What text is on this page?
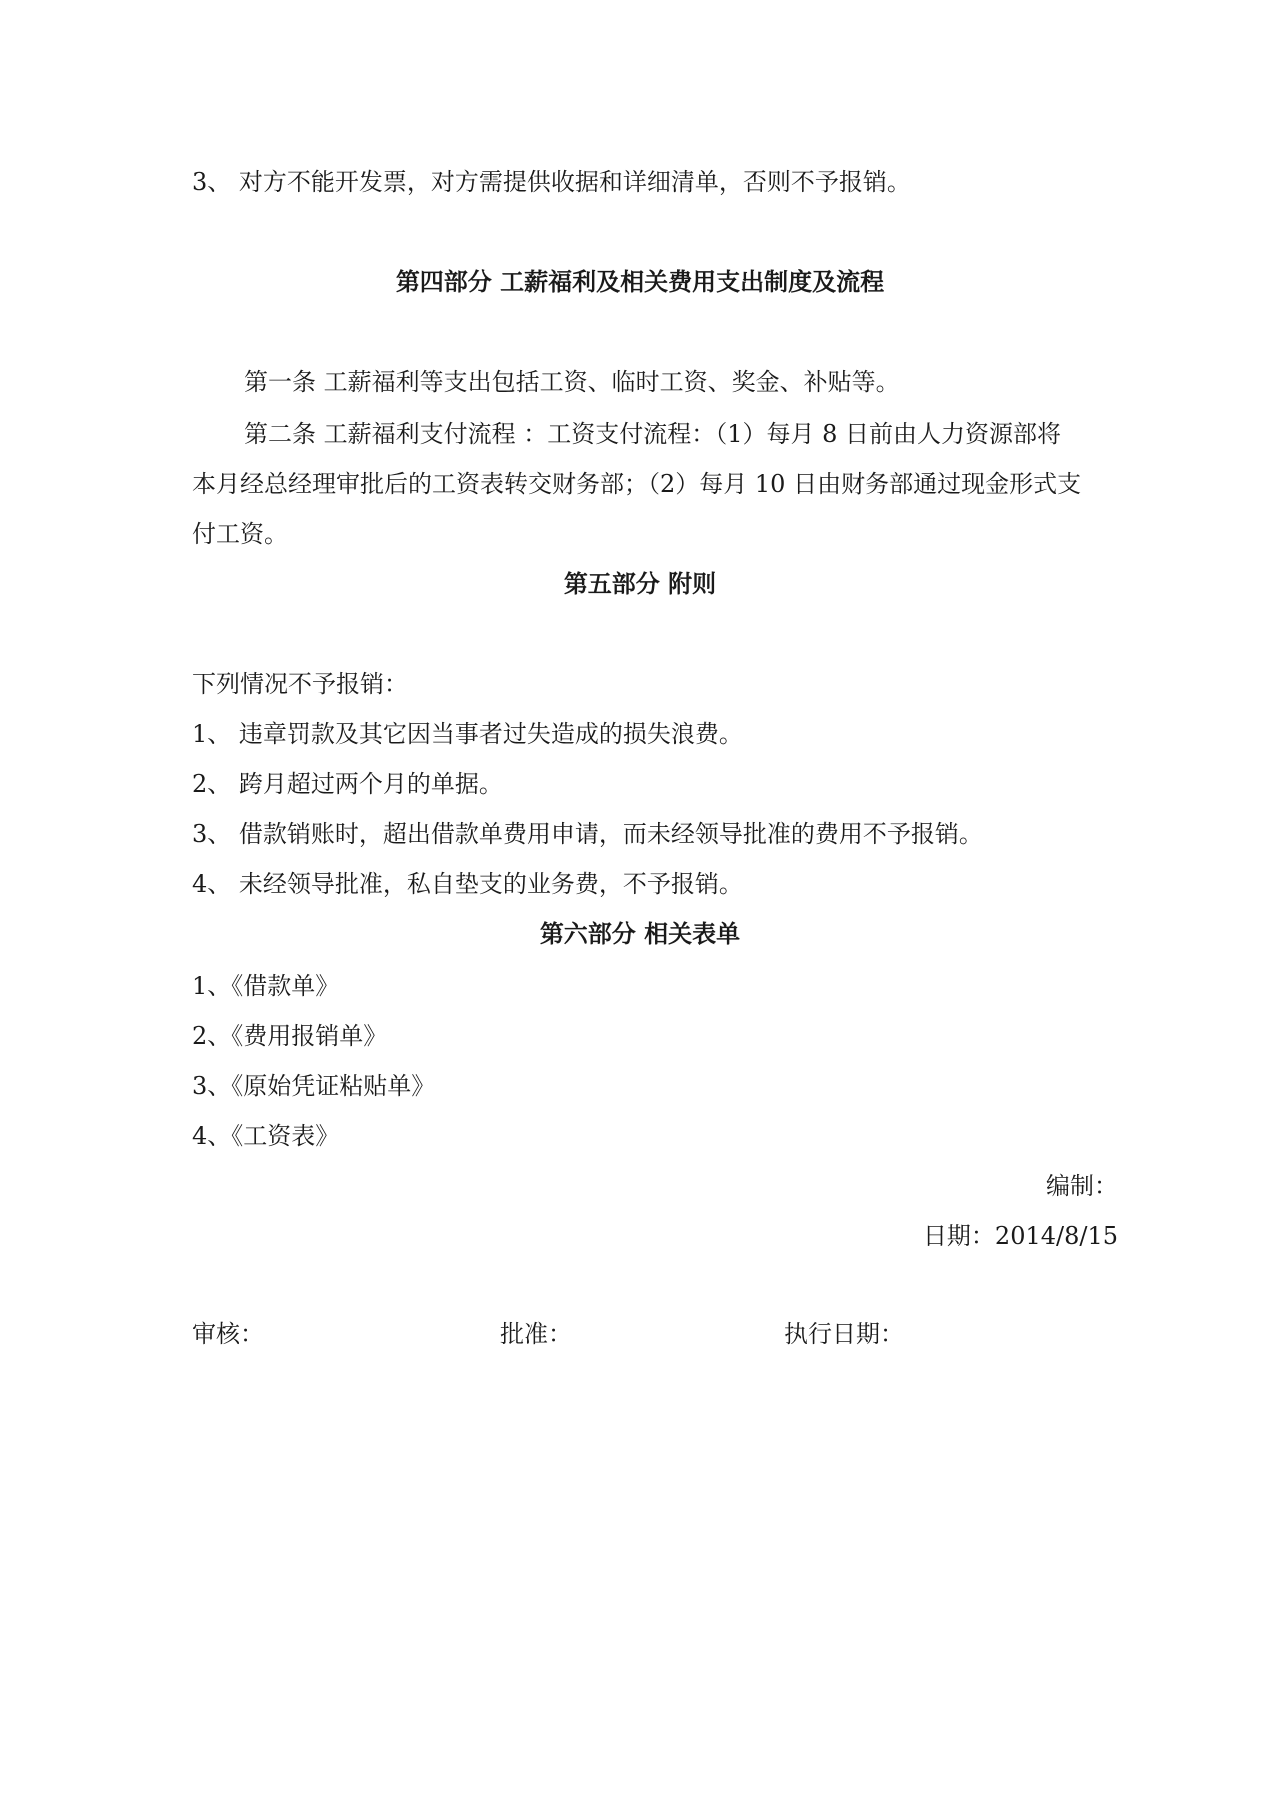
3、 对方不能开发票，对方需提供收据和详细清单，否则不予报销。
第四部分 工薪福利及相关费用支出制度及流程
第一条 工薪福利等支出包括工资、临时工资、奖金、补贴等。
第二条 工薪福利支付流程 ：工资支付流程：（1）每月 8 日前由人力资源部将
本月经总经理审批后的工资表转交财务部；（2）每月 10 日由财务部通过现金形式支
付工资。
第五部分 附则
下列情况不予报销：
1、 违章罚款及其它因当事者过失造成的损失浪费。
2、 跨月超过两个月的单据。
3、 借款销账时，超出借款单费用申请，而未经领导批准的费用不予报销。
4、 未经领导批准，私自垫支的业务费，不予报销。
第六部分 相关表单
1、《借款单》
2、《费用报销单》
3、《原始凭证粘贴单》
4、《工资表》
编制：
日期：2014/8/15
审核：	批准：	执行日期：
